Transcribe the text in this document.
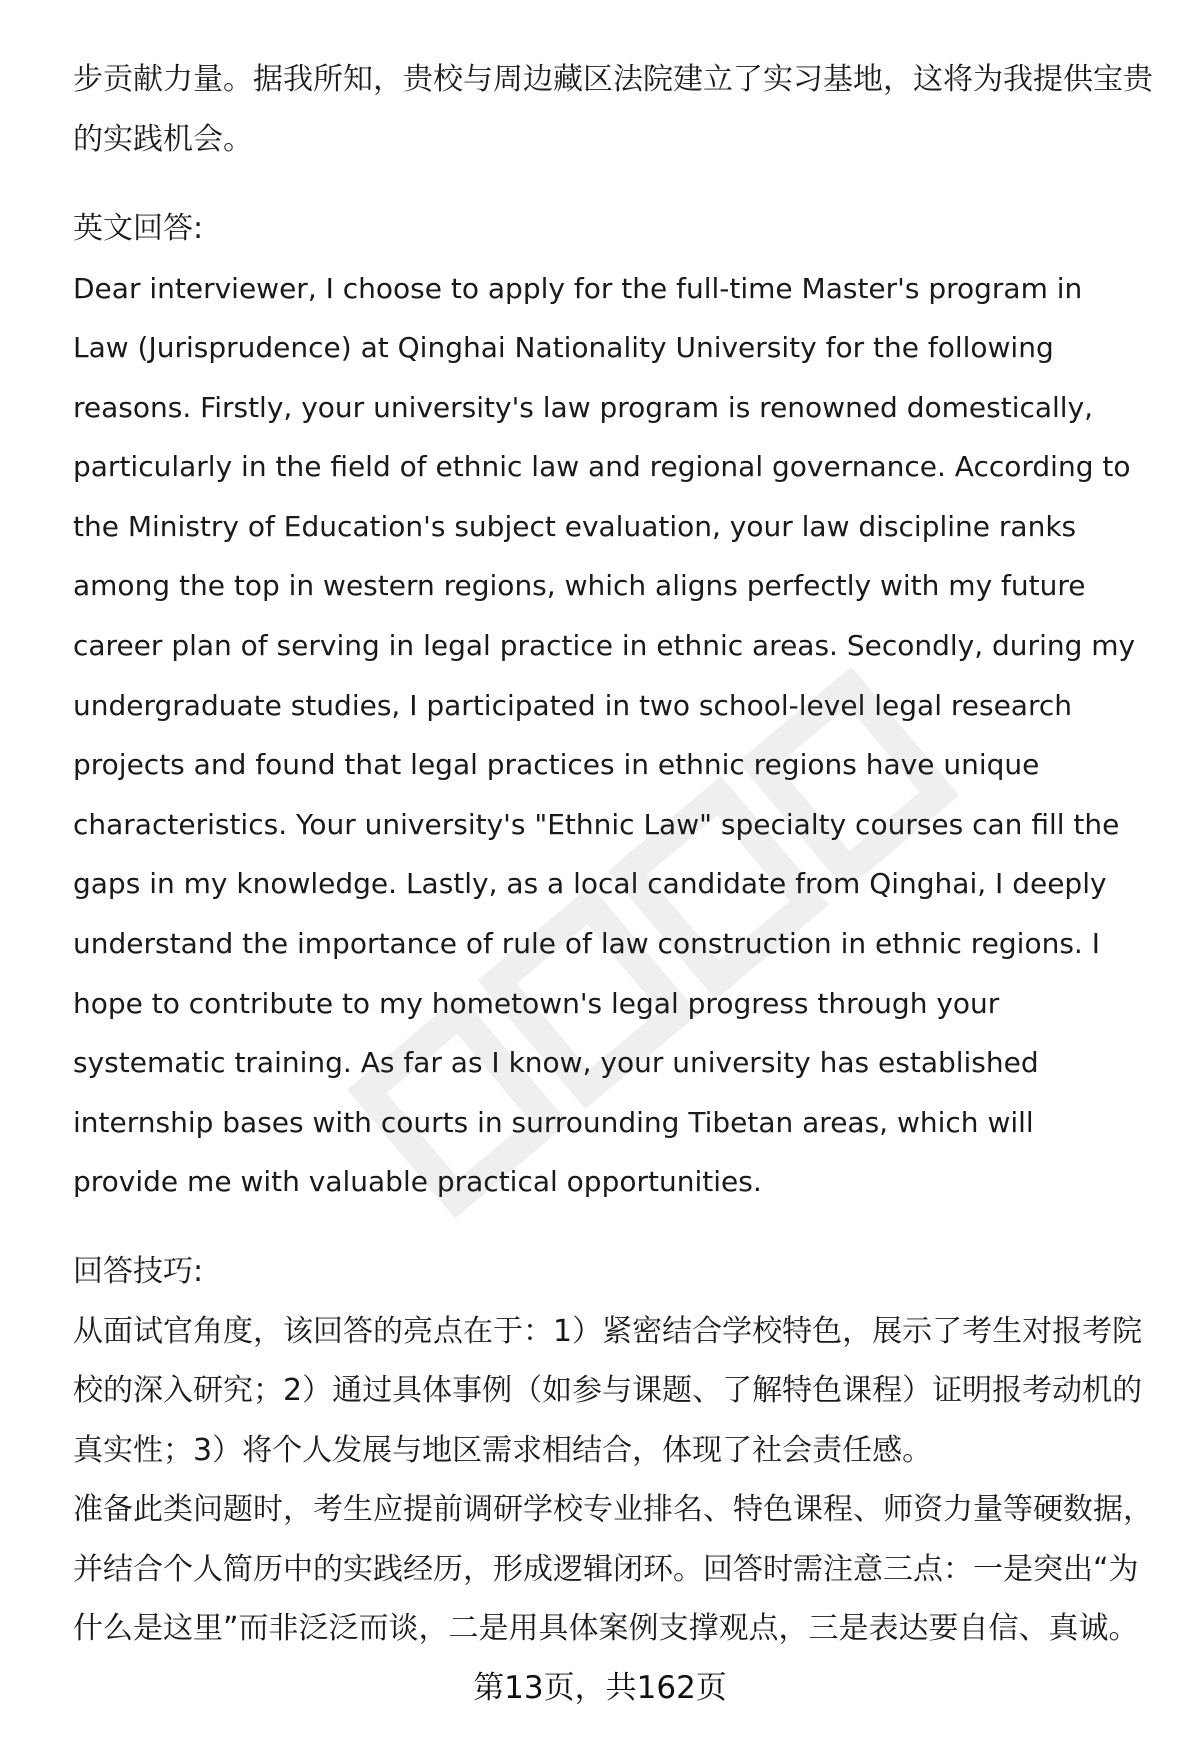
步贡献力量。据我所知，贵校与周边藏区法院建立了实习基地，这将为我提供宝贵
的实践机会。
英文回答:
Dear interviewer, I choose to apply for the full-time Master's program in
Law (Jurisprudence) at Qinghai Nationality University for the following
reasons. Firstly, your university's law program is renowned domestically,
particularly in the field of ethnic law and regional governance. According to
the Ministry of Education's subject evaluation, your law discipline ranks
among the top in western regions, which aligns perfectly with my future
career plan of serving in legal practice in ethnic areas. Secondly, during my
undergraduate studies, I participated in two school-level legal research
projects and found that legal practices in ethnic regions have unique
characteristics. Your university's "Ethnic Law" specialty courses can fill the
gaps in my knowledge. Lastly, as a local candidate from Qinghai, I deeply
understand the importance of rule of law construction in ethnic regions. I
hope to contribute to my hometown's legal progress through your
systematic training. As far as I know, your university has established
internship bases with courts in surrounding Tibetan areas, which will
provide me with valuable practical opportunities.
回答技巧:
从面试官角度，该回答的亮点在于：1）紧密结合学校特色，展示了考生对报考院
校的深入研究；2）通过具体事例（如参与课题、了解特色课程）证明报考动机的
真实性；3）将个人发展与地区需求相结合，体现了社会责任感。
准备此类问题时，考生应提前调研学校专业排名、特色课程、师资力量等硬数据，
并结合个人简历中的实践经历，形成逻辑闭环。回答时需注意三点：一是突出“为
什么是这里”而非泛泛而谈，二是用具体案例支撑观点，三是表达要自信、真诚。
第13页，共162页
